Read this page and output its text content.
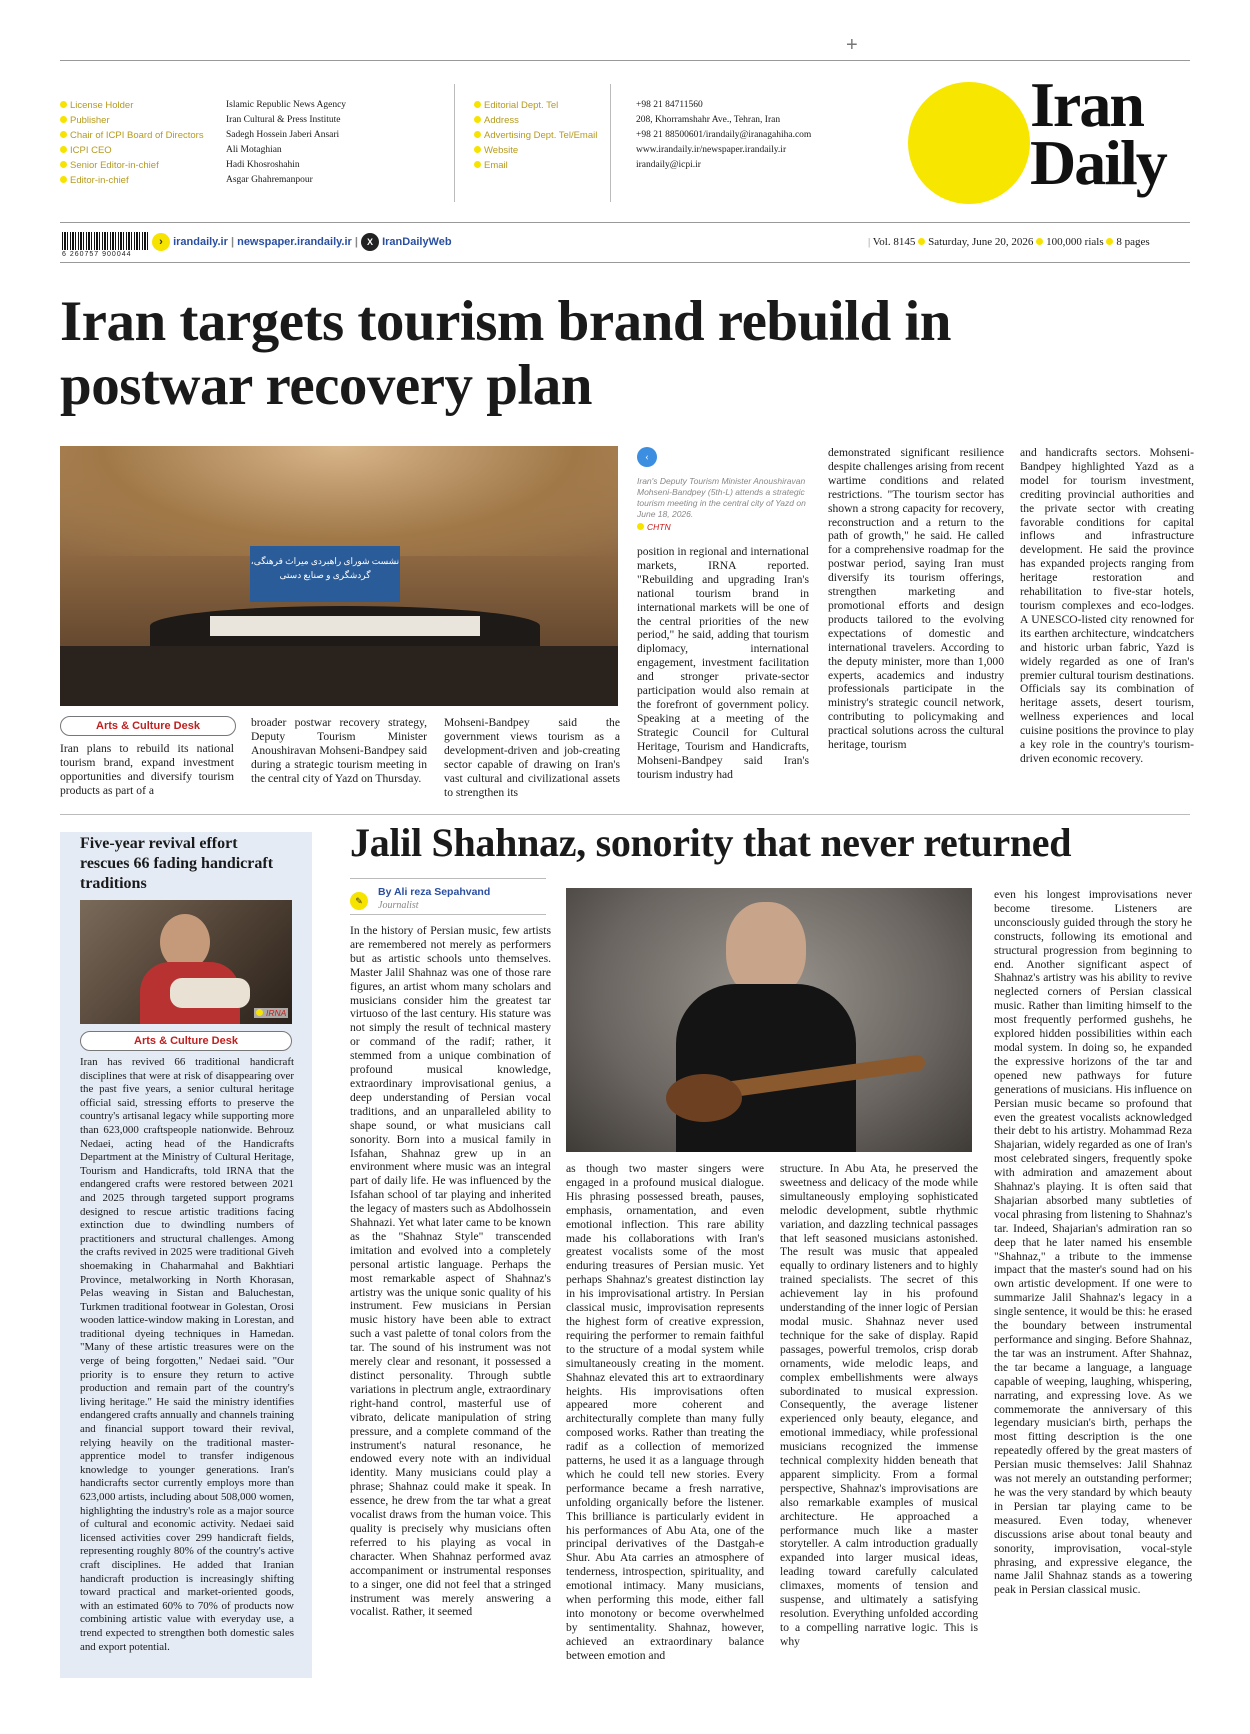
+
License Holder
Publisher
Chair of ICPI Board of Directors
ICPI CEO
Senior Editor-in-chief
Editor-in-chief
Islamic Republic News Agency
Iran Cultural & Press Institute
Sadegh Hossein Jaberi Ansari
Ali Motaghian
Hadi Khosroshahin
Asgar Ghahremanpour
Editorial Dept. Tel
Address
Advertising Dept. Tel/Email
Website
Email
+98 21 84711560
208, Khorramshahr Ave., Tehran, Iran
+98 21 88500601/irandaily@iranagahiha.com
www.irandaily.ir/newspaper.irandaily.ir
irandaily@icpi.ir
Iran
Daily
6 260757 900044
› irandaily.ir | newspaper.irandaily.ir | X IranDailyWeb	| Vol. 8145 Saturday, June 20, 2026 100,000 rials 8 pages
Iran targets tourism brand rebuild in postwar recovery plan
نشست شورای راهبردی میراث فرهنگی، گردشگری و صنایع دستی
‹
Iran's Deputy Tourism Minister Anoushiravan Mohseni-Bandpey (5th-L) attends a strategic tourism meeting in the central city of Yazd on June 18, 2026.
CHTN
Arts & Culture Desk
Iran plans to rebuild its national tourism brand, expand investment opportunities and diversify tourism products as part of a
broader postwar recovery strategy, Deputy Tourism Minister Anoushiravan Mohseni-Bandpey said during a strategic tourism meeting in the central city of Yazd on Thursday.
Mohseni-Bandpey said the government views tourism as a development-driven and job-creating sector capable of drawing on Iran's vast cultural and civilizational assets to strengthen its
position in regional and international markets, IRNA reported. "Rebuilding and upgrading Iran's national tourism brand in international markets will be one of the central priorities of the new period," he said, adding that tourism diplomacy, international engagement, investment facilitation and stronger private-sector participation would also remain at the forefront of government policy. Speaking at a meeting of the Strategic Council for Cultural Heritage, Tourism and Handicrafts, Mohseni-Bandpey said Iran's tourism industry had
demonstrated significant resilience despite challenges arising from recent wartime conditions and related restrictions. "The tourism sector has shown a strong capacity for recovery, reconstruction and a return to the path of growth," he said. He called for a comprehensive roadmap for the postwar period, saying Iran must diversify its tourism offerings, strengthen marketing and promotional efforts and design products tailored to the evolving expectations of domestic and international travelers. According to the deputy minister, more than 1,000 experts, academics and industry professionals participate in the ministry's strategic council network, contributing to policymaking and practical solutions across the cultural heritage, tourism
and handicrafts sectors. Mohseni-Bandpey highlighted Yazd as a model for tourism investment, crediting provincial authorities and the private sector with creating favorable conditions for capital inflows and infrastructure development. He said the province has expanded projects ranging from heritage restoration and rehabilitation to five-star hotels, tourism complexes and eco-lodges. A UNESCO-listed city renowned for its earthen architecture, windcatchers and historic urban fabric, Yazd is widely regarded as one of Iran's premier cultural tourism destinations. Officials say its combination of heritage assets, desert tourism, wellness experiences and local cuisine positions the province to play a key role in the country's tourism-driven economic recovery.
Five-year revival effort rescues 66 fading handicraft traditions
IRNA
Arts & Culture Desk
Iran has revived 66 traditional handicraft disciplines that were at risk of disappearing over the past five years, a senior cultural heritage official said, stressing efforts to preserve the country's artisanal legacy while supporting more than 623,000 craftspeople nationwide. Behrouz Nedaei, acting head of the Handicrafts Department at the Ministry of Cultural Heritage, Tourism and Handicrafts, told IRNA that the endangered crafts were restored between 2021 and 2025 through targeted support programs designed to rescue artistic traditions facing extinction due to dwindling numbers of practitioners and structural challenges. Among the crafts revived in 2025 were traditional Giveh shoemaking in Chaharmahal and Bakhtiari Province, metalworking in North Khorasan, Pelas weaving in Sistan and Baluchestan, Turkmen traditional footwear in Golestan, Orosi wooden lattice-window making in Lorestan, and traditional dyeing techniques in Hamedan. "Many of these artistic treasures were on the verge of being forgotten," Nedaei said. "Our priority is to ensure they return to active production and remain part of the country's living heritage." He said the ministry identifies endangered crafts annually and channels training and financial support toward their revival, relying heavily on the traditional master-apprentice model to transfer indigenous knowledge to younger generations. Iran's handicrafts sector currently employs more than 623,000 artists, including about 508,000 women, highlighting the industry's role as a major source of cultural and economic activity. Nedaei said licensed activities cover 299 handicraft fields, representing roughly 80% of the country's active craft disciplines. He added that Iranian handicraft production is increasingly shifting toward practical and market-oriented goods, with an estimated 60% to 70% of products now combining artistic value with everyday use, a trend expected to strengthen both domestic sales and export potential.
Jalil Shahnaz, sonority that never returned
✎
By Ali reza Sepahvand
Journalist
In the history of Persian music, few artists are remembered not merely as performers but as artistic schools unto themselves. Master Jalil Shahnaz was one of those rare figures, an artist whom many scholars and musicians consider him the greatest tar virtuoso of the last century. His stature was not simply the result of technical mastery or command of the radif; rather, it stemmed from a unique combination of profound musical knowledge, extraordinary improvisational genius, a deep understanding of Persian vocal traditions, and an unparalleled ability to shape sound, or what musicians call sonority. Born into a musical family in Isfahan, Shahnaz grew up in an environment where music was an integral part of daily life. He was influenced by the Isfahan school of tar playing and inherited the legacy of masters such as Abdolhossein Shahnazi. Yet what later came to be known as the "Shahnaz Style" transcended imitation and evolved into a completely personal artistic language. Perhaps the most remarkable aspect of Shahnaz's artistry was the unique sonic quality of his instrument. Few musicians in Persian music history have been able to extract such a vast palette of tonal colors from the tar. The sound of his instrument was not merely clear and resonant, it possessed a distinct personality. Through subtle variations in plectrum angle, extraordinary right-hand control, masterful use of vibrato, delicate manipulation of string pressure, and a complete command of the instrument's natural resonance, he endowed every note with an individual identity. Many musicians could play a phrase; Shahnaz could make it speak. In essence, he drew from the tar what a great vocalist draws from the human voice. This quality is precisely why musicians often referred to his playing as vocal in character. When Shahnaz performed avaz accompaniment or instrumental responses to a singer, one did not feel that a stringed instrument was merely answering a vocalist. Rather, it seemed
as though two master singers were engaged in a profound musical dialogue. His phrasing possessed breath, pauses, emphasis, ornamentation, and even emotional inflection. This rare ability made his collaborations with Iran's greatest vocalists some of the most enduring treasures of Persian music. Yet perhaps Shahnaz's greatest distinction lay in his improvisational artistry. In Persian classical music, improvisation represents the highest form of creative expression, requiring the performer to remain faithful to the structure of a modal system while simultaneously creating in the moment. Shahnaz elevated this art to extraordinary heights. His improvisations often appeared more coherent and architecturally complete than many fully composed works. Rather than treating the radif as a collection of memorized patterns, he used it as a language through which he could tell new stories. Every performance became a fresh narrative, unfolding organically before the listener. This brilliance is particularly evident in his performances of Abu Ata, one of the principal derivatives of the Dastgah-e Shur. Abu Ata carries an atmosphere of tenderness, introspection, spirituality, and emotional intimacy. Many musicians, when performing this mode, either fall into monotony or become overwhelmed by sentimentality. Shahnaz, however, achieved an extraordinary balance between emotion and
structure. In Abu Ata, he preserved the sweetness and delicacy of the mode while simultaneously employing sophisticated melodic development, subtle rhythmic variation, and dazzling technical passages that left seasoned musicians astonished. The result was music that appealed equally to ordinary listeners and to highly trained specialists. The secret of this achievement lay in his profound understanding of the inner logic of Persian modal music. Shahnaz never used technique for the sake of display. Rapid passages, powerful tremolos, crisp dorab ornaments, wide melodic leaps, and complex embellishments were always subordinated to musical expression. Consequently, the average listener experienced only beauty, elegance, and emotional immediacy, while professional musicians recognized the immense technical complexity hidden beneath that apparent simplicity. From a formal perspective, Shahnaz's improvisations are also remarkable examples of musical architecture. He approached a performance much like a master storyteller. A calm introduction gradually expanded into larger musical ideas, leading toward carefully calculated climaxes, moments of tension and suspense, and ultimately a satisfying resolution. Everything unfolded according to a compelling narrative logic. This is why
even his longest improvisations never become tiresome. Listeners are unconsciously guided through the story he constructs, following its emotional and structural progression from beginning to end. Another significant aspect of Shahnaz's artistry was his ability to revive neglected corners of Persian classical music. Rather than limiting himself to the most frequently performed gushehs, he explored hidden possibilities within each modal system. In doing so, he expanded the expressive horizons of the tar and opened new pathways for future generations of musicians. His influence on Persian music became so profound that even the greatest vocalists acknowledged their debt to his artistry. Mohammad Reza Shajarian, widely regarded as one of Iran's most celebrated singers, frequently spoke with admiration and amazement about Shahnaz's playing. It is often said that Shajarian absorbed many subtleties of vocal phrasing from listening to Shahnaz's tar. Indeed, Shajarian's admiration ran so deep that he later named his ensemble "Shahnaz," a tribute to the immense impact that the master's sound had on his own artistic development. If one were to summarize Jalil Shahnaz's legacy in a single sentence, it would be this: he erased the boundary between instrumental performance and singing. Before Shahnaz, the tar was an instrument. After Shahnaz, the tar became a language, a language capable of weeping, laughing, whispering, narrating, and expressing love. As we commemorate the anniversary of this legendary musician's birth, perhaps the most fitting description is the one repeatedly offered by the great masters of Persian music themselves: Jalil Shahnaz was not merely an outstanding performer; he was the very standard by which beauty in Persian tar playing came to be measured. Even today, whenever discussions arise about tonal beauty and sonority, improvisation, vocal-style phrasing, and expressive elegance, the name Jalil Shahnaz stands as a towering peak in Persian classical music.
